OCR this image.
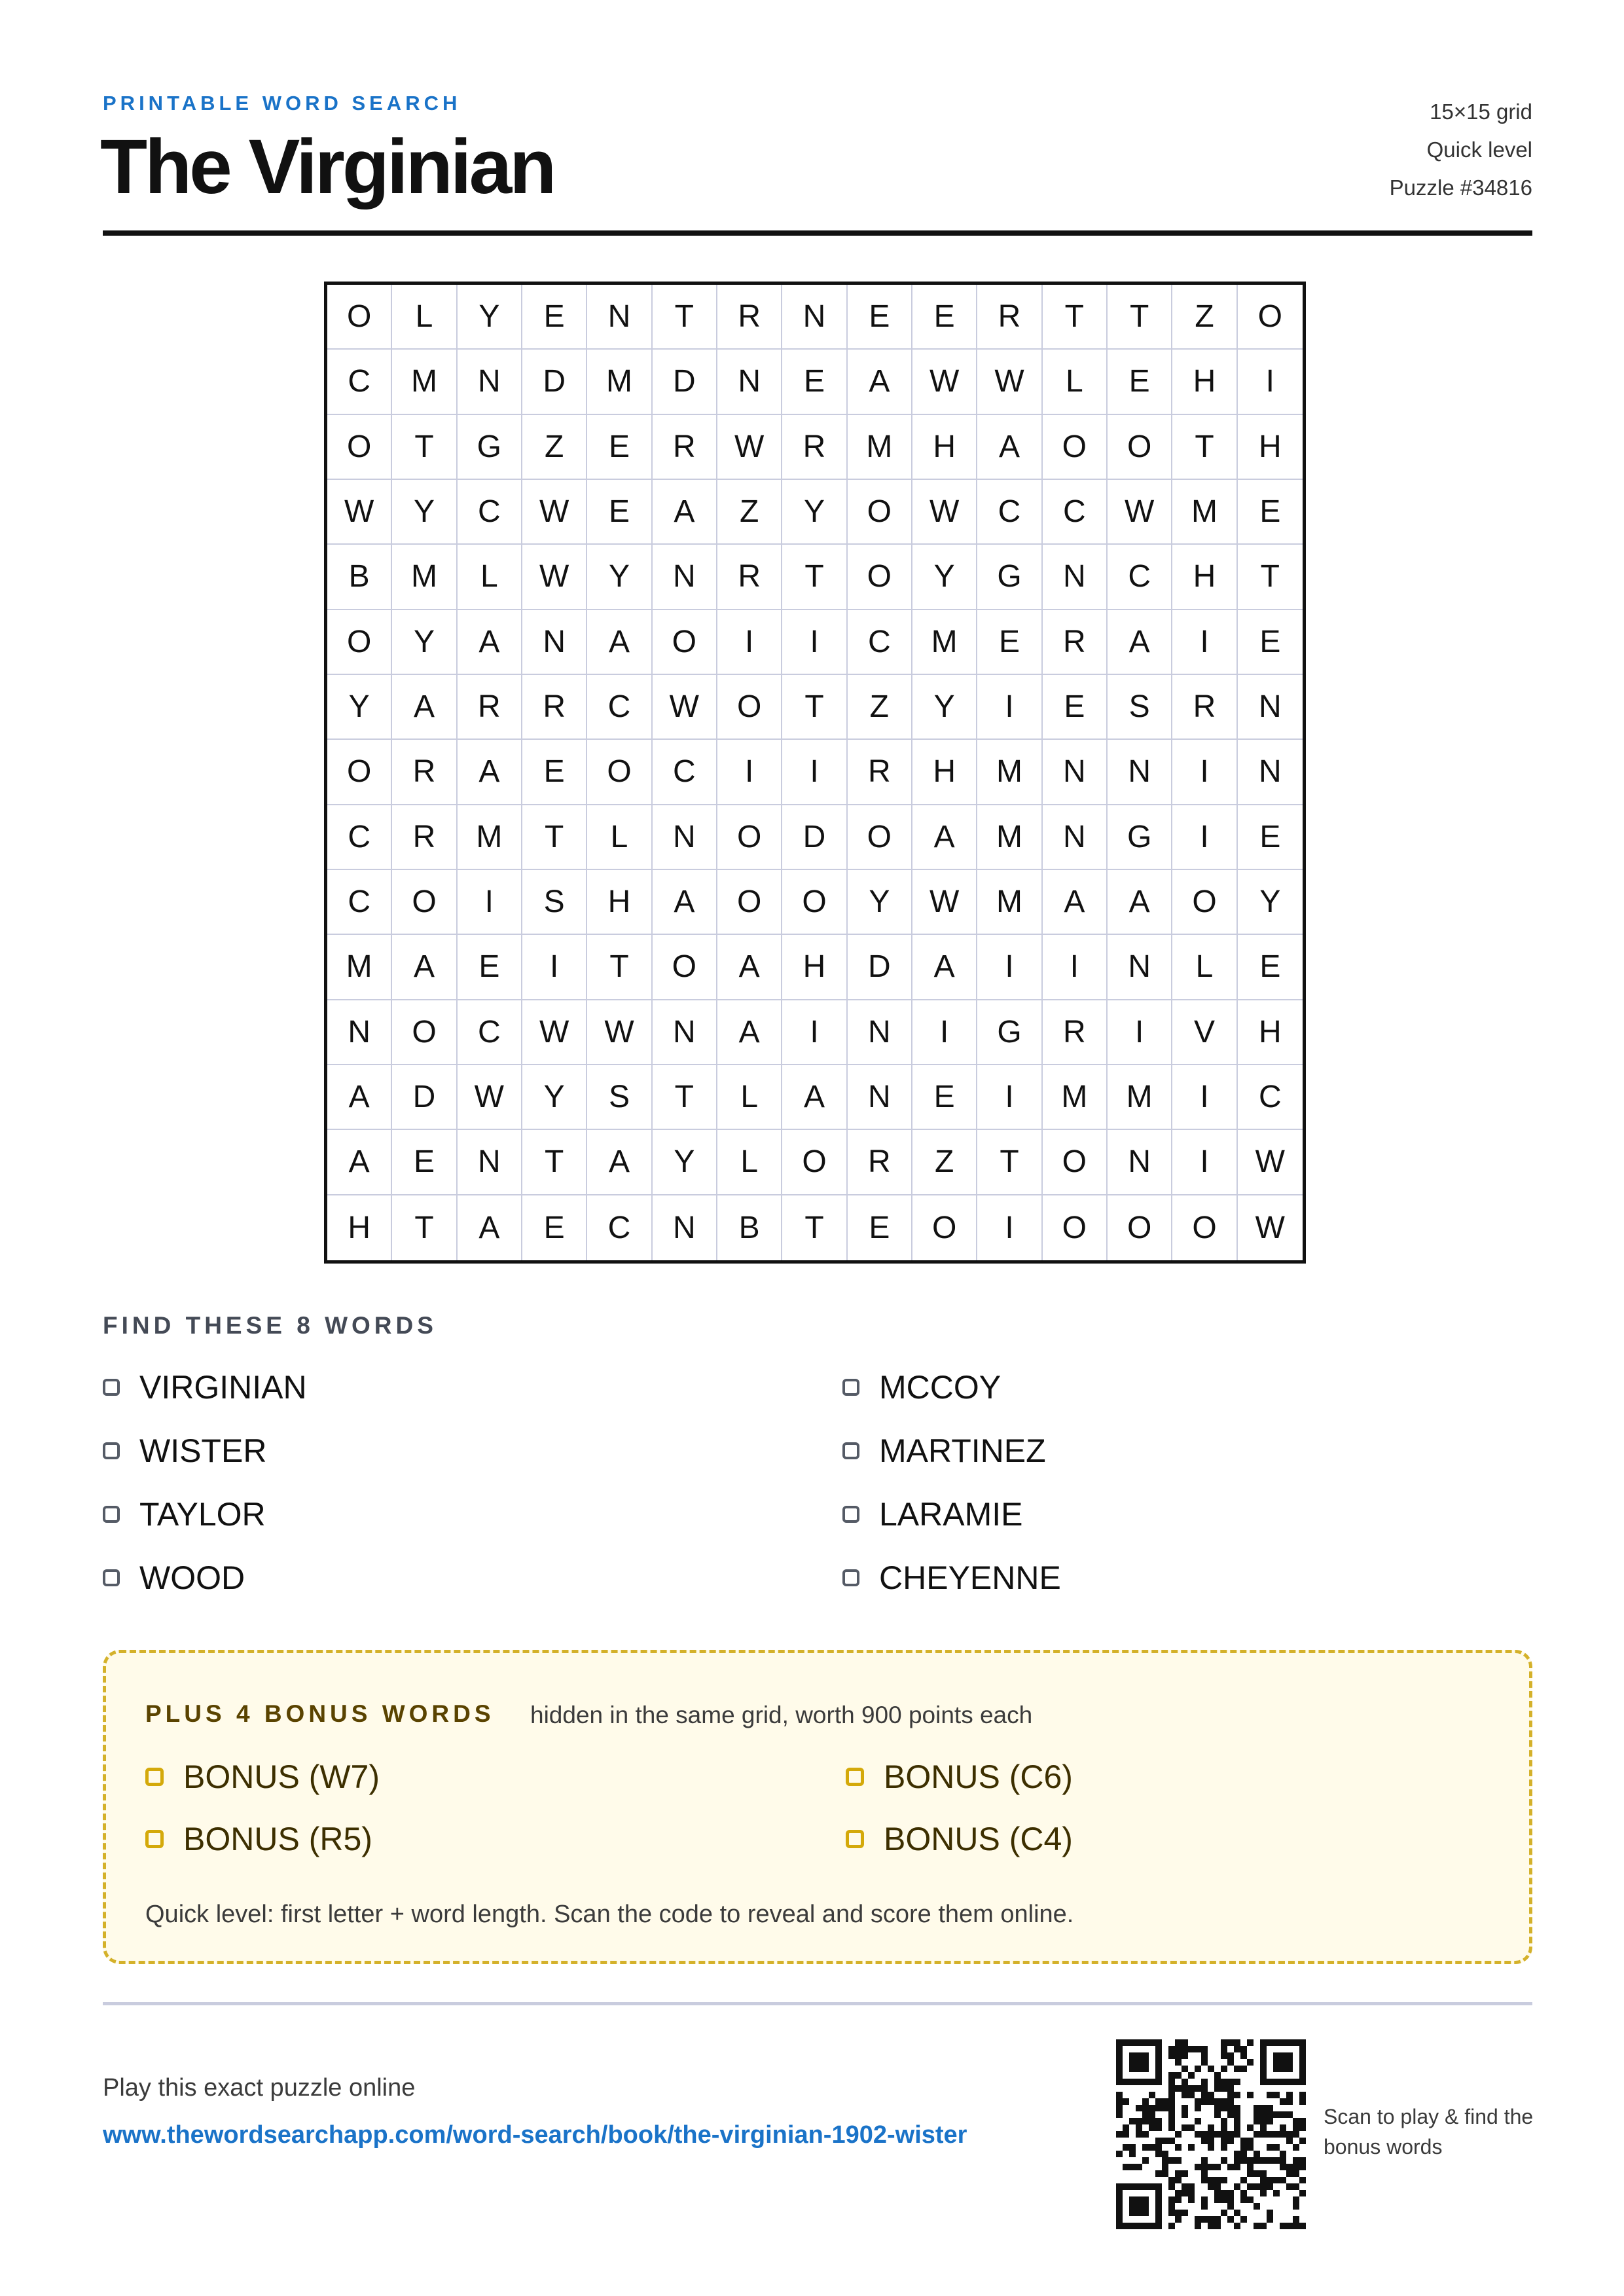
PRINTABLE WORD SEARCH
The Virginian
15×15 grid
Quick level
Puzzle #34816
O	L	Y	E	N	T	R	N	E	E	R	T	T	Z	O
C	M	N	D	M	D	N	E	A	W	W	L	E	H	I
O	T	G	Z	E	R	W	R	M	H	A	O	O	T	H
W	Y	C	W	E	A	Z	Y	O	W	C	C	W	M	E
B	M	L	W	Y	N	R	T	O	Y	G	N	C	H	T
O	Y	A	N	A	O	I	I	C	M	E	R	A	I	E
Y	A	R	R	C	W	O	T	Z	Y	I	E	S	R	N
O	R	A	E	O	C	I	I	R	H	M	N	N	I	N
C	R	M	T	L	N	O	D	O	A	M	N	G	I	E
C	O	I	S	H	A	O	O	Y	W	M	A	A	O	Y
M	A	E	I	T	O	A	H	D	A	I	I	N	L	E
N	O	C	W	W	N	A	I	N	I	G	R	I	V	H
A	D	W	Y	S	T	L	A	N	E	I	M	M	I	C
A	E	N	T	A	Y	L	O	R	Z	T	O	N	I	W
H	T	A	E	C	N	B	T	E	O	I	O	O	O	W
FIND THESE 8 WORDS
VIRGINIAN
WISTER
TAYLOR
WOOD
MCCOY
MARTINEZ
LARAMIE
CHEYENNE
PLUS 4 BONUS WORDS hidden in the same grid, worth 900 points each
BONUS (W7)
BONUS (R5)
BONUS (C6)
BONUS (C4)
Quick level: first letter + word length. Scan the code to reveal and score them online.
Play this exact puzzle online
www.thewordsearchapp.com/word-search/book/the-virginian-1902-wister
Scan to play & find the bonus words
